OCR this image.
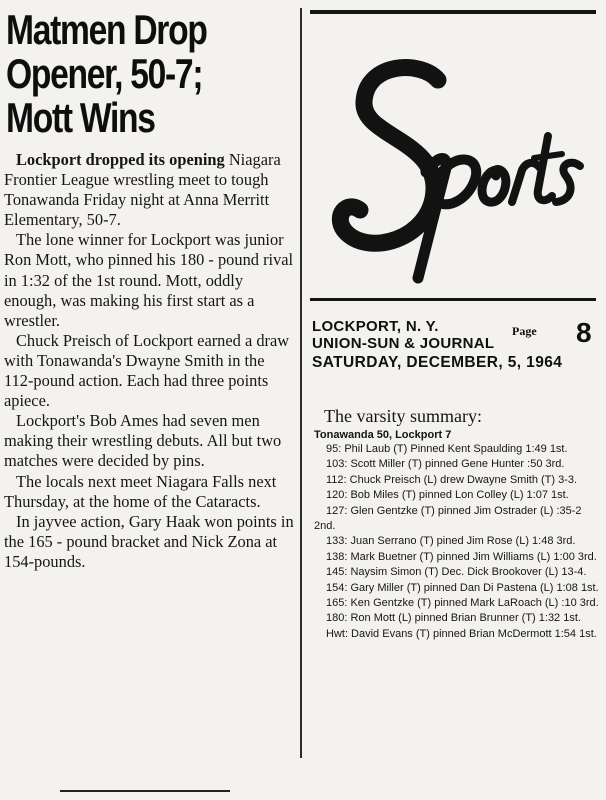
Matmen Drop
Opener, 50-7;
Mott Wins

Lockport dropped its opening Niagara Frontier League wrestling meet to tough Tonawanda Friday night at Anna Merritt Elementary, 50-7.

The lone winner for Lockport was junior Ron Mott, who pinned his 180 - pound rival in 1:32 of the 1st round. Mott, oddly enough, was making his first start as a wrestler.

Chuck Preisch of Lockport earned a draw with Tonawanda's Dwayne Smith in the 112-pound action. Each had three points apiece.

Lockport's Bob Ames had seven men making their wrestling debuts. All but two matches were decided by pins.

The locals next meet Niagara Falls next Thursday, at the home of the Cataracts.

In jayvee action, Gary Haak won points in the 165 - pound bracket and Nick Zona at 154-pounds.

LOCKPORT, N. Y.	Page 8
UNION-SUN & JOURNAL
SATURDAY, DECEMBER, 5, 1964
The varsity summary:
Tonawanda 50, Lockport 7
95: Phil Laub (T) Pinned Kent Spaulding 1:49 1st.
103: Scott Miller (T) pinned Gene Hunter :50 3rd.
112: Chuck Preisch (L) drew Dwayne Smith (T) 3-3.
120: Bob Miles (T) pinned Lon Colley (L) 1:07 1st.
127: Glen Gentzke (T) pinned Jim Ostrader (L) :35-2 2nd.
133: Juan Serrano (T) pined Jim Rose (L) 1:48 3rd.
138: Mark Buetner (T) pinned Jim Williams (L) 1:00 3rd.
145: Naysim Simon (T) Dec. Dick Brookover (L) 13-4.
154: Gary Miller (T) pinned Dan Di Pastena (L) 1:08 1st.
165: Ken Gentzke (T) pinned Mark LaRoach (L) :10 3rd.
180: Ron Mott (L) pinned Brian Brunner (T) 1:32 1st.
Hwt: David Evans (T) pinned Brian McDermott 1:54 1st.
